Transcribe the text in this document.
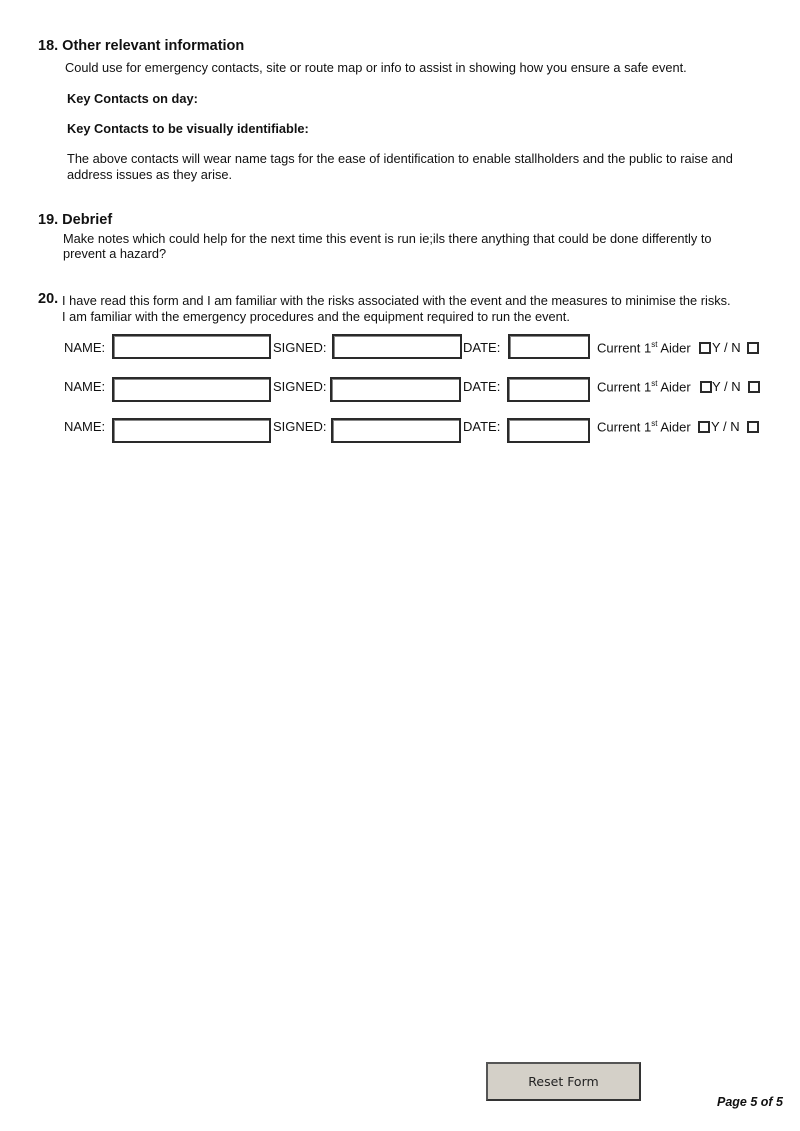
18. Other relevant information
Could use for emergency contacts, site or route map or info to assist in showing how you ensure a safe event.
Key Contacts on day:
Key Contacts to be visually identifiable:
The above contacts will wear name tags for the ease of identification to enable stallholders and the public to raise and
address issues as they arise.
19. Debrief
Make notes which could help for the next time this event is run ie;ils there anything that could be done differently to
prevent a hazard?
20. I have read this form and I am familiar with the risks associated with the event and the measures to minimise the risks.
I am familiar with the emergency procedures and the equipment required to run the event.
NAME:	SIGNED:	DATE:	Current 1st Aider Y / N
NAME:	SIGNED:	DATE:	Current 1st Aider Y / N
NAME:	SIGNED:	DATE:	Current 1st Aider Y / N
Reset Form
Page 5 of 5
